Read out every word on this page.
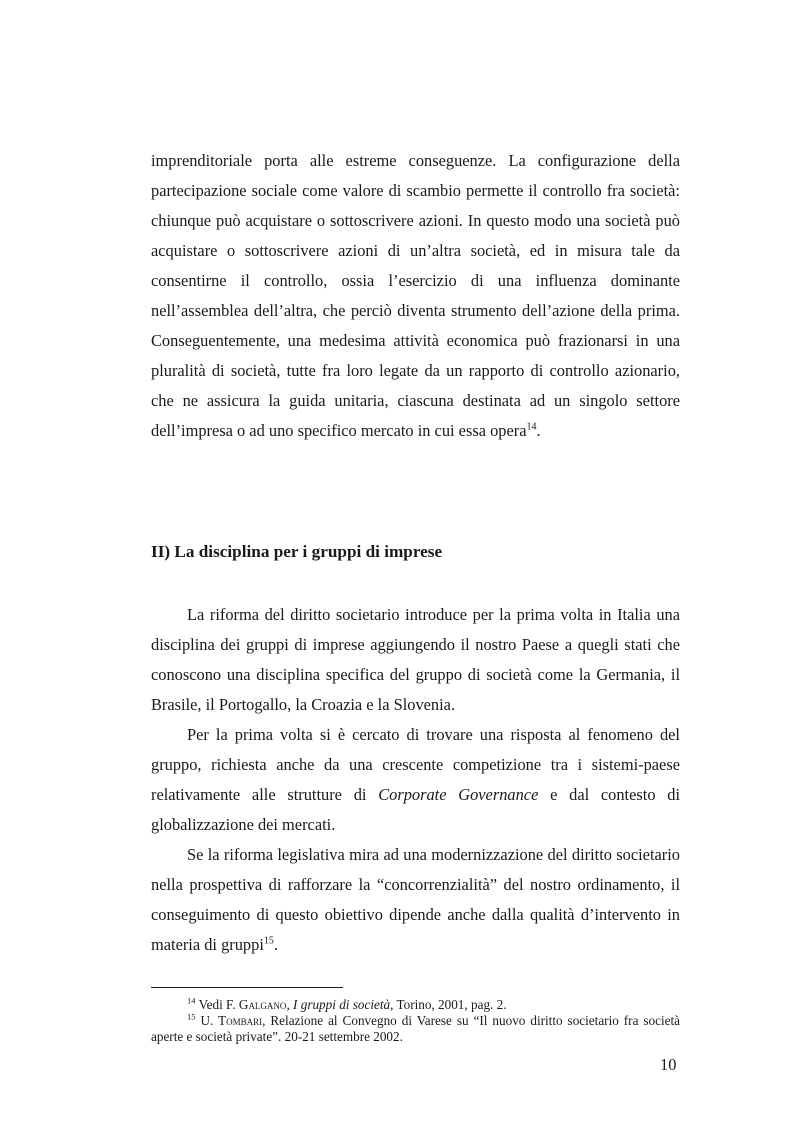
imprenditoriale porta alle estreme conseguenze. La configurazione della partecipazione sociale come valore di scambio permette il controllo fra società: chiunque può acquistare o sottoscrivere azioni. In questo modo una società può acquistare o sottoscrivere azioni di un’altra società, ed in misura tale da consentirne il controllo, ossia l’esercizio di una influenza dominante nell’assemblea dell’altra, che perciò diventa strumento dell’azione della prima. Conseguentemente, una medesima attività economica può frazionarsi in una pluralità di società, tutte fra loro legate da un rapporto di controllo azionario, che ne assicura la guida unitaria, ciascuna destinata ad un singolo settore dell’impresa o ad uno specifico mercato in cui essa opera$^{14}$.

II) La disciplina per i gruppi di imprese

La riforma del diritto societario introduce per la prima volta in Italia una disciplina dei gruppi di imprese aggiungendo il nostro Paese a quegli stati che conoscono una disciplina specifica del gruppo di società come la Germania, il Brasile, il Portogallo, la Croazia e la Slovenia.

Per la prima volta si è cercato di trovare una risposta al fenomeno del gruppo, richiesta anche da una crescente competizione tra i sistemi-paese relativamente alle strutture di Corporate Governance e dal contesto di globalizzazione dei mercati.

Se la riforma legislativa mira ad una modernizzazione del diritto societario nella prospettiva di rafforzare la “concorrenzialità” del nostro ordinamento, il conseguimento di questo obiettivo dipende anche dalla qualità d’intervento in materia di gruppi$^{15}$.

$^{14}$ Vedi F. Galgano, I gruppi di società, Torino, 2001, pag. 2.

$^{15}$ U. Tombari, Relazione al Convegno di Varese su “Il nuovo diritto societario fra società aperte e società private”. 20-21 settembre 2002.

10
